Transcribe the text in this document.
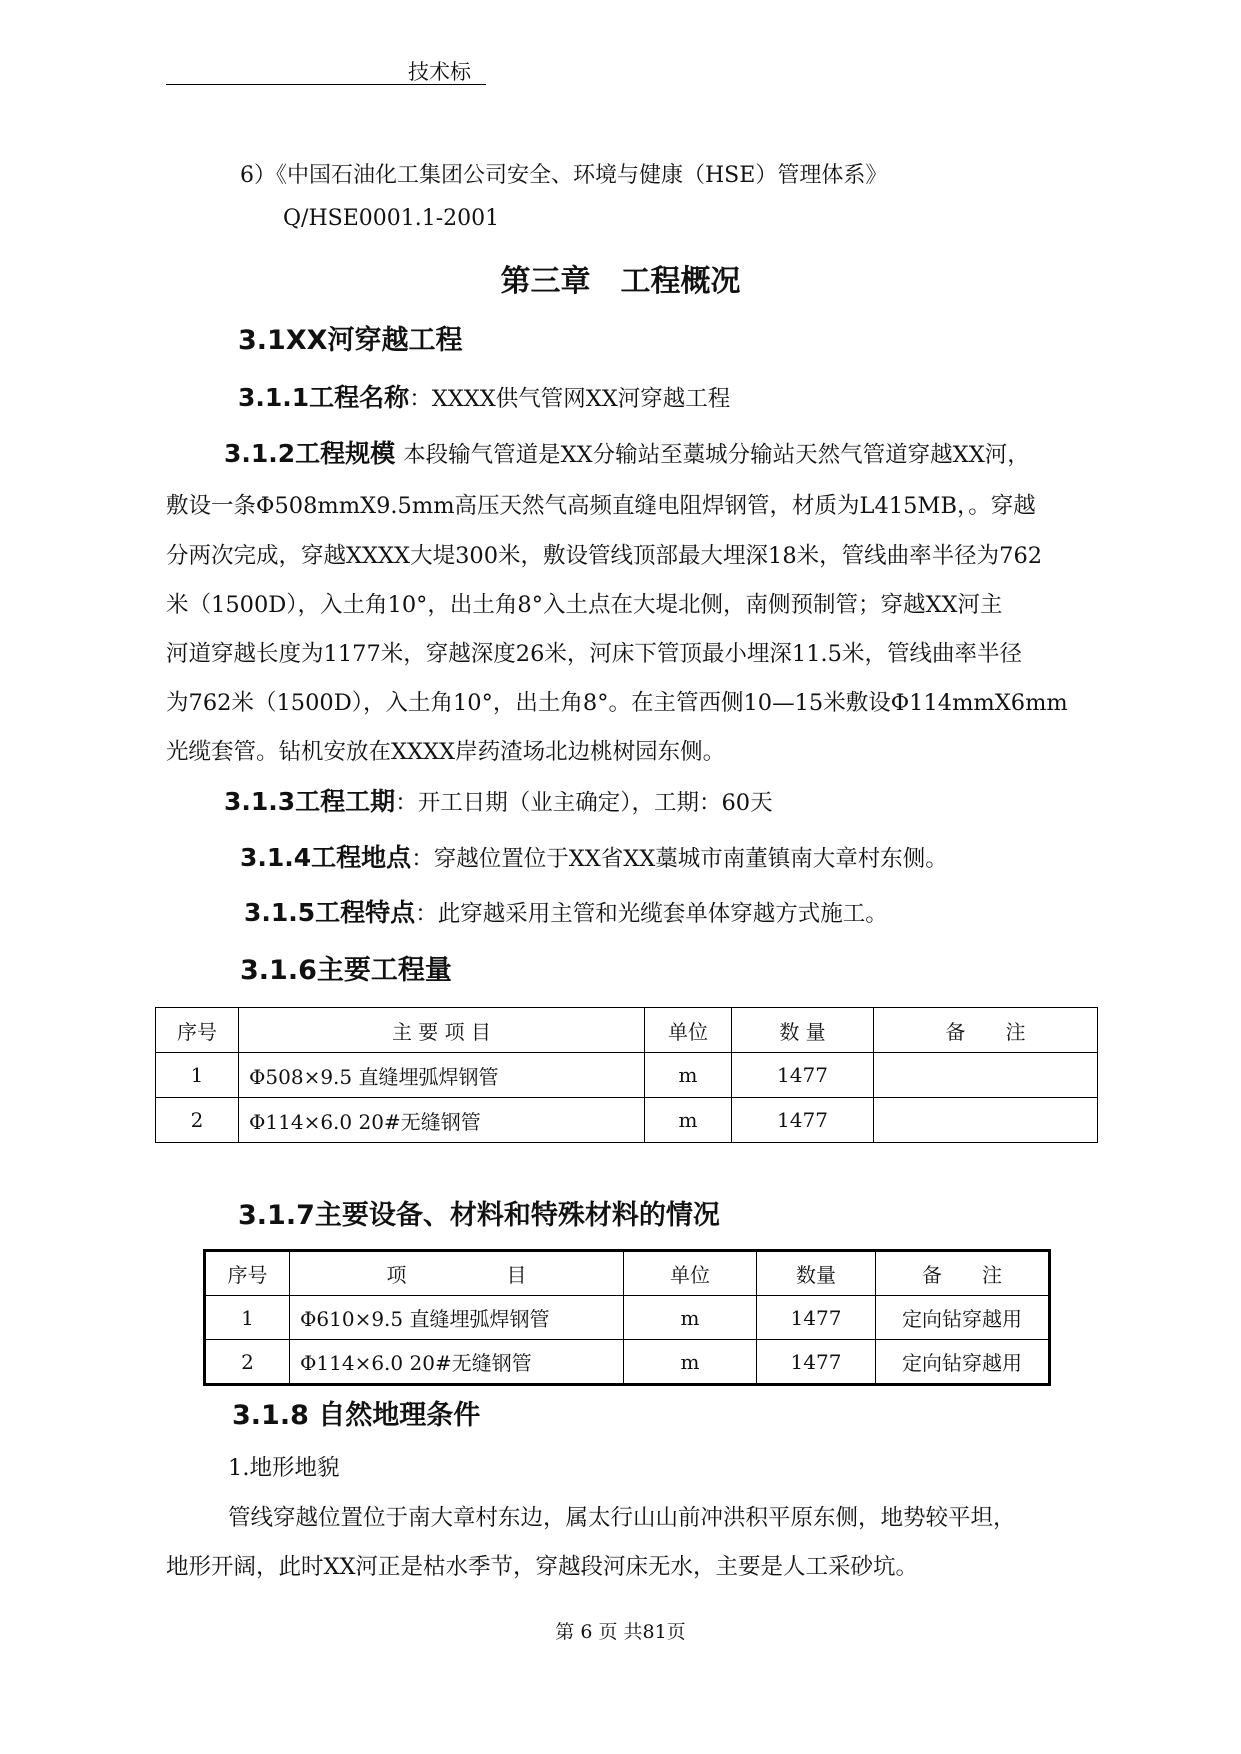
技术标
6）《中国石油化工集团公司安全、环境与健康（HSE）管理体系》
Q/HSE0001.1-2001
第三章　工程概况
3.1XX河穿越工程
3.1.1工程名称：XXXX供气管网XX河穿越工程
3.1.2工程规模 本段输气管道是XX分输站至藁城分输站天然气管道穿越XX河，
敷设一条Φ508mmX9.5mm高压天然气高频直缝电阻焊钢管，材质为L415MB，。穿越
分两次完成，穿越XXXX大堤300米，敷设管线顶部最大埋深18米，管线曲率半径为762
米（1500D），入土角10°，出土角8°入土点在大堤北侧，南侧预制管；穿越XX河主
河道穿越长度为1177米，穿越深度26米，河床下管顶最小埋深11.5米，管线曲率半径
为762米（1500D），入土角10°，出土角8°。在主管西侧10—15米敷设Φ114mmX6mm
光缆套管。钻机安放在XXXX岸药渣场北边桃树园东侧。
3.1.3工程工期：开工日期（业主确定），工期：60天
3.1.4工程地点：穿越位置位于XX省XX藁城市南董镇南大章村东侧。
3.1.5工程特点：此穿越采用主管和光缆套单体穿越方式施工。
3.1.6主要工程量
序号	主 要 项 目	单位	数 量	备　　注
1	Φ508×9.5 直缝埋弧焊钢管	m	1477	
2	Φ114×6.0 20#无缝钢管	m	1477	
3.1.7主要设备、材料和特殊材料的情况
序号	项　　　　　目	单位	数量	备　　注
1	Φ610×9.5 直缝埋弧焊钢管	m	1477	定向钻穿越用
2	Φ114×6.0 20#无缝钢管	m	1477	定向钻穿越用
3.1.8 自然地理条件
1.地形地貌
管线穿越位置位于南大章村东边，属太行山山前冲洪积平原东侧，地势较平坦，
地形开阔，此时XX河正是枯水季节，穿越段河床无水，主要是人工采砂坑。
第 6 页 共81页
